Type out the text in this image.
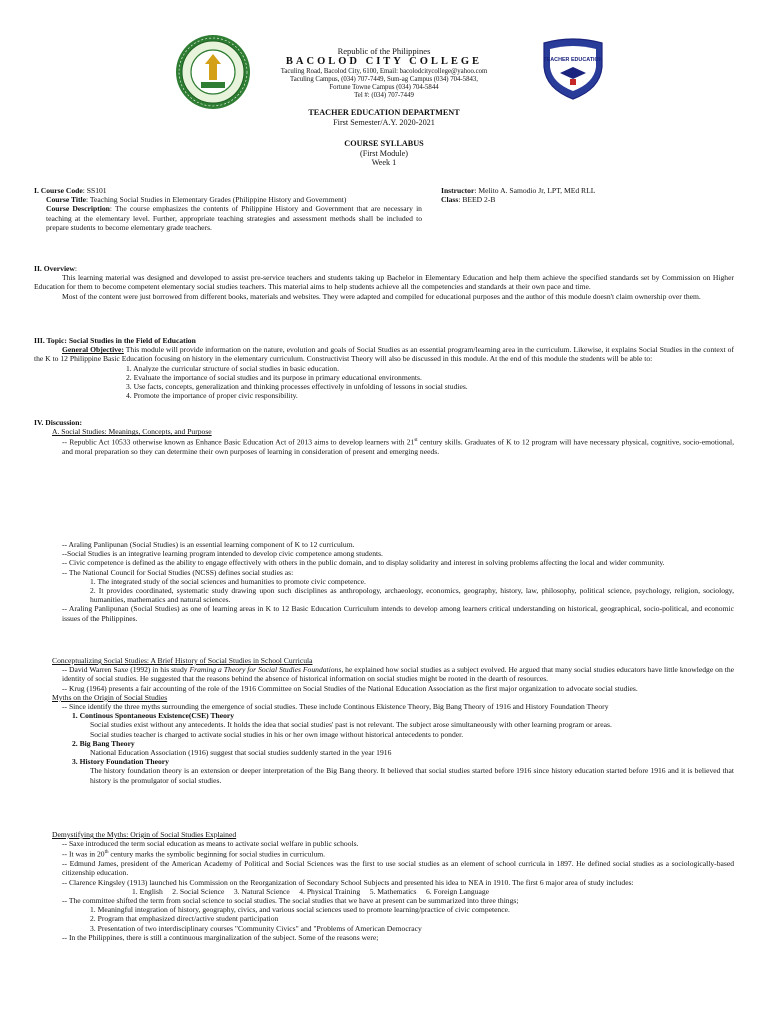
TEACHER EDUCATION
Republic of the Philippines
BACOLOD CITY COLLEGE
Taculing Road, Bacolod City, 6100, Email: bacolodcitycollege@yahoo.com
Taculing Campus, (034) 707-7449, Sum-ag Campus (034) 704-5843,
Fortune Towne Campus (034) 704-5844
Tel #: (034) 707-7449
TEACHER EDUCATION DEPARTMENT
First Semester/A.Y. 2020-2021
COURSE SYLLABUS
(First Module)
Week 1

I. Course Code: SS101

Course Title: Teaching Social Studies in Elementary Grades (Philippine History and Government)

Course Description: The course emphasizes the contents of Philippine History and Government that are necessary in teaching at the elementary level. Further, appropriate teaching strategies and assessment methods shall be included to prepare students to become elementary grade teachers.

Instructor: Melito A. Samodio Jr, LPT, MEd RLL

Class: BEED 2-B

II. Overview:

This learning material was designed and developed to assist pre-service teachers and students taking up Bachelor in Elementary Education and help them achieve the specified standards set by Commission on Higher Education for them to become competent elementary social studies teachers. This material aims to help students achieve all the competencies and standards at their own pace and time.

Most of the content were just borrowed from different books, materials and websites. They were adapted and compiled for educational purposes and the author of this module doesn't claim ownership over them.

III. Topic: Social Studies in the Field of Education

General Objective: This module will provide information on the nature, evolution and goals of Social Studies as an essential program/learning area in the curriculum. Likewise, it explains Social Studies in the context of the K to 12 Philippine Basic Education focusing on history in the elementary curriculum. Constructivist Theory will also be discussed in this module. At the end of this module the students will be able to:

1. Analyze the curricular structure of social studies in basic education.

2. Evaluate the importance of social studies and its purpose in primary educational environments.

3. Use facts, concepts, generalization and thinking processes effectively in unfolding of lessons in social studies.

4. Promote the importance of proper civic responsibility.

IV. Discussion:

A. Social Studies: Meanings, Concepts, and Purpose

-- Republic Act 10533 otherwise known as Enhance Basic Education Act of 2013 aims to develop learners with 21st century skills. Graduates of K to 12 program will have necessary physical, cognitive, socio-emotional, and moral preparation so they can determine their own purposes of learning in consideration of present and emerging needs.

-- Araling Panlipunan (Social Studies) is an essential learning component of K to 12 curriculum.

--Social Studies is an integrative learning program intended to develop civic competence among students.

-- Civic competence is defined as the ability to engage effectively with others in the public domain, and to display solidarity and interest in solving problems affecting the local and wider community.

-- The National Council for Social Studies (NCSS) defines social studies as:

1. The integrated study of the social sciences and humanities to promote civic competence.

2. It provides coordinated, systematic study drawing upon such disciplines as anthropology, archaeology, economics, geography, history, law, philosophy, political science, psychology, religion, sociology, humanities, mathematics and natural sciences.

-- Araling Panlipunan (Social Studies) as one of learning areas in K to 12 Basic Education Curriculum intends to develop among learners critical understanding on historical, geographical, socio-political, and economic issues of the Philippines.

Conceptualizing Social Studies: A Brief History of Social Studies in School Curricula

-- David Warren Saxe (1992) in his study Framing a Theory for Social Studies Foundations, he explained how social studies as a subject evolved. He argued that many social studies educators have little knowledge on the identity of social studies. He suggested that the reasons behind the absence of historical information on social studies might be rooted in the dearth of resources.

-- Krug (1964) presents a fair accounting of the role of the 1916 Committee on Social Studies of the National Education Association as the first major organization to advocate social studies.

Myths on the Origin of Social Studies

-- Since identify the three myths surrounding the emergence of social studies. These include Continous Ekistence Theory, Big Bang Theory of 1916 and History Foundation Theory

1. Continous Spontaneous Existence(CSE) Theory

Social studies exist without any antecedents. It holds the idea that social studies' past is not relevant. The subject arose simultaneously with other learning program or areas.

Social studies teacher is charged to activate social studies in his or her own image without historical antecedents to ponder.

2. Big Bang Theory

National Education Association (1916) suggest that social studies suddenly started in the year 1916

3. History Foundation Theory

The history foundation theory is an extension or deeper interpretation of the Big Bang theory. It believed that social studies started before 1916 since history education started before 1916 and it is believed that history is the promulgator of social studies.

Demystifying the Myths: Origin of Social Studies Explained

-- Saxe introduced the term social education as means to activate social welfare in public schools.

-- It was in 20th century marks the symbolic beginning for social studies in curriculum.

-- Edmund James, president of the American Academy of Political and Social Sciences was the first to use social studies as an element of school curricula in 1897. He defined social studies as a sociologically-based citizenship education.

-- Clarence Kingsley (1913) launched his Commission on the Reorganization of Secondary School Subjects and presented his idea to NEA in 1910. The first 6 major area of study includes:

1. English     2. Social Science     3. Natural Science     4. Physical Training     5. Mathematics     6. Foreign Language

-- The committee shifted the term from social science to social studies. The social studies that we have at present can be summarized into three things;

1. Meaningful integration of history, geography, civics, and various social sciences used to promote learning/practice of civic competence.

2. Program that emphasized direct/active student participation

3. Presentation of two interdisciplinary courses "Community Civics" and "Problems of American Democracy

-- In the Philippines, there is still a continuous marginalization of the subject. Some of the reasons were;
